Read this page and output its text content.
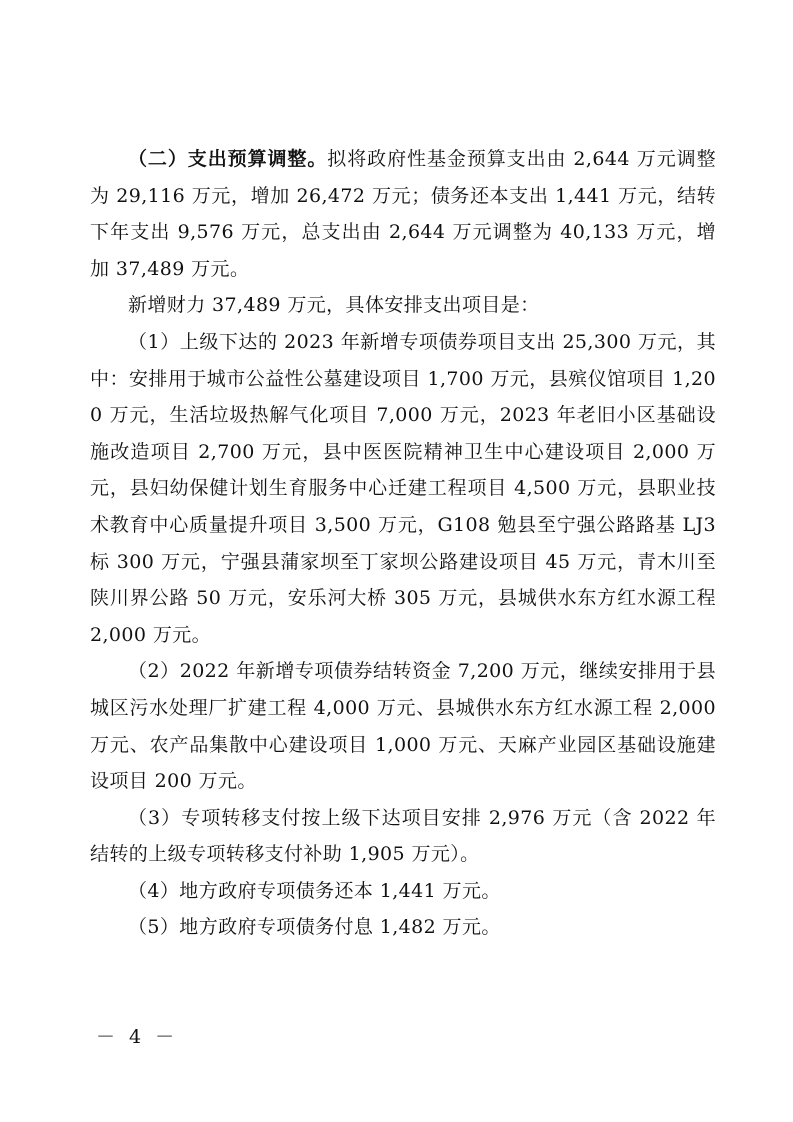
（二）支出预算调整。拟将政府性基金预算支出由 2,644 万元调整为 29,116 万元，增加 26,472 万元；债务还本支出 1,441 万元，结转下年支出 9,576 万元，总支出由 2,644 万元调整为 40,133 万元，增加 37,489 万元。

新增财力 37,489 万元，具体安排支出项目是：

（1）上级下达的 2023 年新增专项债券项目支出 25,300 万元，其中：安排用于城市公益性公墓建设项目 1,700 万元，县殡仪馆项目 1,200 万元，生活垃圾热解气化项目 7,000 万元，2023 年老旧小区基础设施改造项目 2,700 万元，县中医医院精神卫生中心建设项目 2,000 万元，县妇幼保健计划生育服务中心迁建工程项目 4,500 万元，县职业技术教育中心质量提升项目 3,500 万元，G108 勉县至宁强公路路基 LJ3 标 300 万元，宁强县蒲家坝至丁家坝公路建设项目 45 万元，青木川至陕川界公路 50 万元，安乐河大桥 305 万元，县城供水东方红水源工程 2,000 万元。

（2）2022 年新增专项债券结转资金 7,200 万元，继续安排用于县城区污水处理厂扩建工程 4,000 万元、县城供水东方红水源工程 2,000 万元、农产品集散中心建设项目 1,000 万元、天麻产业园区基础设施建设项目 200 万元。

（3）专项转移支付按上级下达项目安排 2,976 万元（含 2022 年结转的上级专项转移支付补助 1,905 万元）。

（4）地方政府专项债务还本 1,441 万元。

（5）地方政府专项债务付息 1,482 万元。

－ 4 －
